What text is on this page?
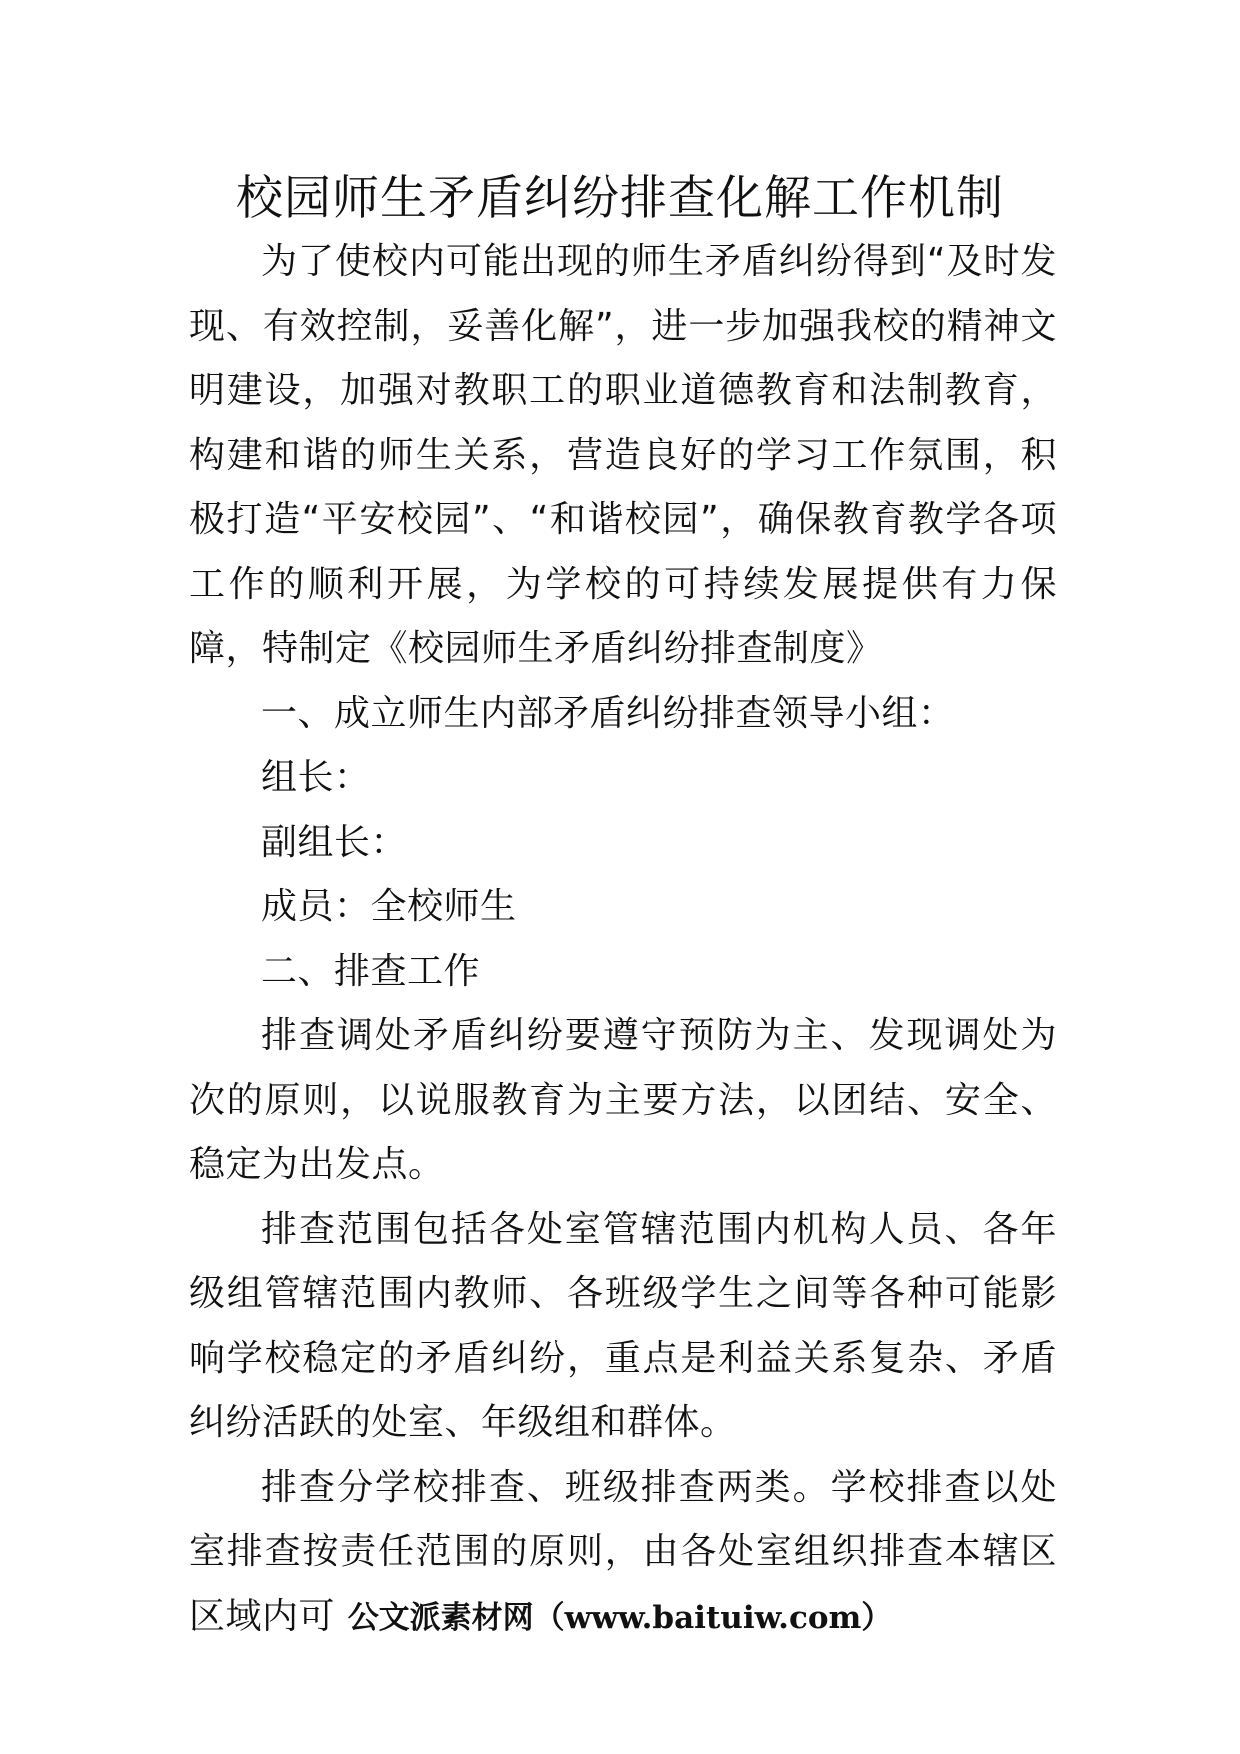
校园师生矛盾纠纷排查化解工作机制

为了使校内可能出现的师生矛盾纠纷得到“及时发现、有效控制，妥善化解”，进一步加强我校的精神文明建设，加强对教职工的职业道德教育和法制教育，构建和谐的师生关系，营造良好的学习工作氛围，积极打造“平安校园”、“和谐校园”，确保教育教学各项工作的顺利开展，为学校的可持续发展提供有力保障，特制定《校园师生矛盾纠纷排查制度》

一、成立师生内部矛盾纠纷排查领导小组：

组长：

副组长：

成员：全校师生

二、排查工作

排查调处矛盾纠纷要遵守预防为主、发现调处为次的原则，以说服教育为主要方法，以团结、安全、稳定为出发点。

排查范围包括各处室管辖范围内机构人员、各年级组管辖范围内教师、各班级学生之间等各种可能影响学校稳定的矛盾纠纷，重点是利益关系复杂、矛盾纠纷活跃的处室、年级组和群体。

排查分学校排查、班级排查两类。学校排查以处室排查按责任范围的原则，由各处室组织排查本辖区区域内可 公文派素材网（www.baituiw.com）
